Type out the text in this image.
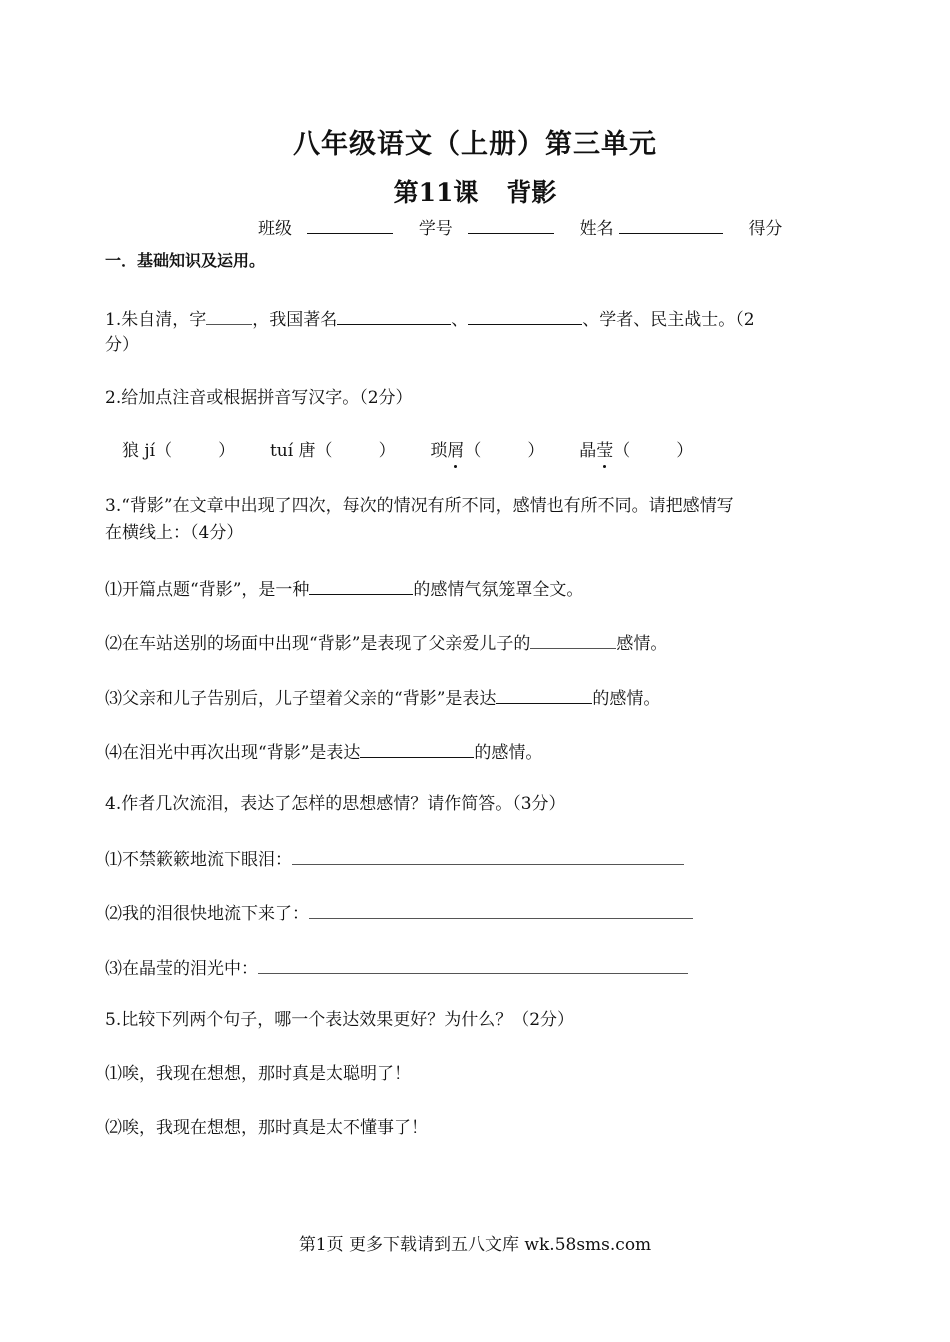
八年级语文（上册）第三单元
第11课 背影
班级	学号	姓名	得分
一．基础知识及运用。
1.朱自清，字	，我国著名	、	、学者、民主战士。（2
分）
2.给加点注音或根据拼音写汉字。（2分）
狼 jí（	） tuí 唐（	） 琐屑（	） 晶莹（	）
3.“背影”在文章中出现了四次，每次的情况有所不同，感情也有所不同。请把感情写
在横线上：（4分）
⑴开篇点题“背影”，是一种	的感情气氛笼罩全文。
⑵在车站送别的场面中出现“背影”是表现了父亲爱儿子的	感情。
⑶父亲和儿子告别后，儿子望着父亲的“背影”是表达	的感情。
⑷在泪光中再次出现“背影”是表达	的感情。
4.作者几次流泪，表达了怎样的思想感情？请作简答。（3分）
⑴不禁簌簌地流下眼泪：
⑵我的泪很快地流下来了：
⑶在晶莹的泪光中：
5.比较下列两个句子，哪一个表达效果更好？为什么？（2分）
⑴唉，我现在想想，那时真是太聪明了！
⑵唉，我现在想想，那时真是太不懂事了！
第1页 更多下载请到五八文库 wk.58sms.com
